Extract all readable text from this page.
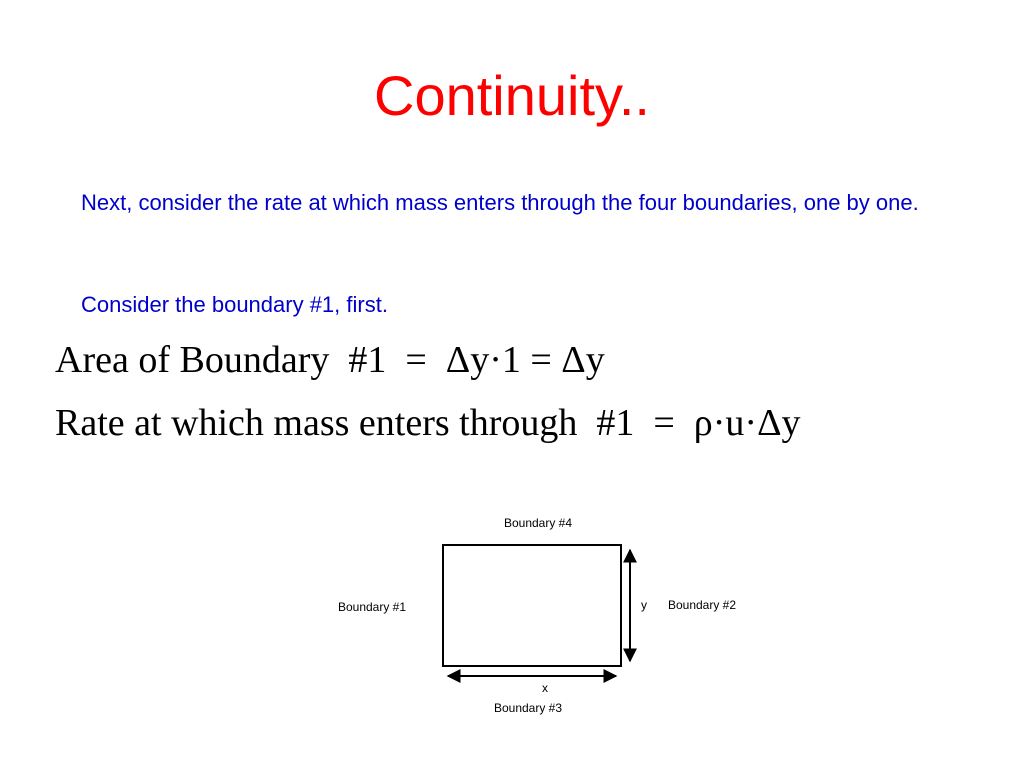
Continuity..
Next, consider the rate at which mass enters through the four boundaries, one by one.
Consider the boundary #1, first.
Area of Boundary  #1  =  Δy·1 = Δy
Rate at which mass enters through  #1  =  ρ·u·Δy
Boundary #4
Boundary #1	y Boundary #2
x
Boundary #3
